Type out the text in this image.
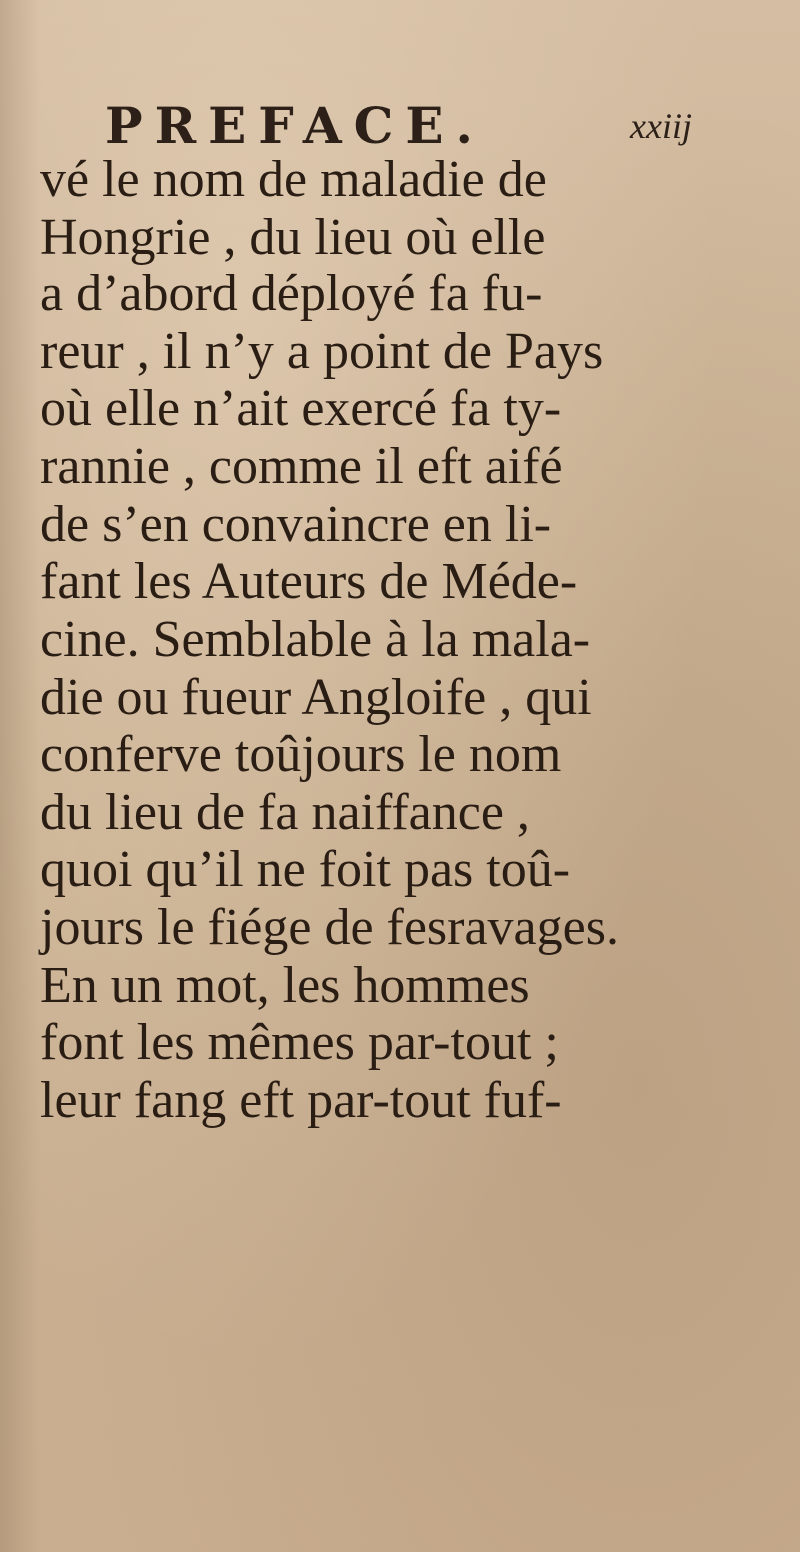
PREFACE.	xxiij
vé le nom de maladie de
Hongrie , du lieu où elle
a d’abord déployé fa fu-
reur , il n’y a point de Pays
où elle n’ait exercé fa ty-
rannie , comme il eft aifé
de s’en convaincre en li-
fant les Auteurs de Méde-
cine. Semblable à la mala-
die ou fueur Angloife , qui
conferve toûjours le nom
du lieu de fa naiffance ,
quoi qu’il ne foit pas toû-
jours le fiége de fesravages.
En un mot, les hommes
font les mêmes par-tout ;
leur fang eft par-tout fuf-
